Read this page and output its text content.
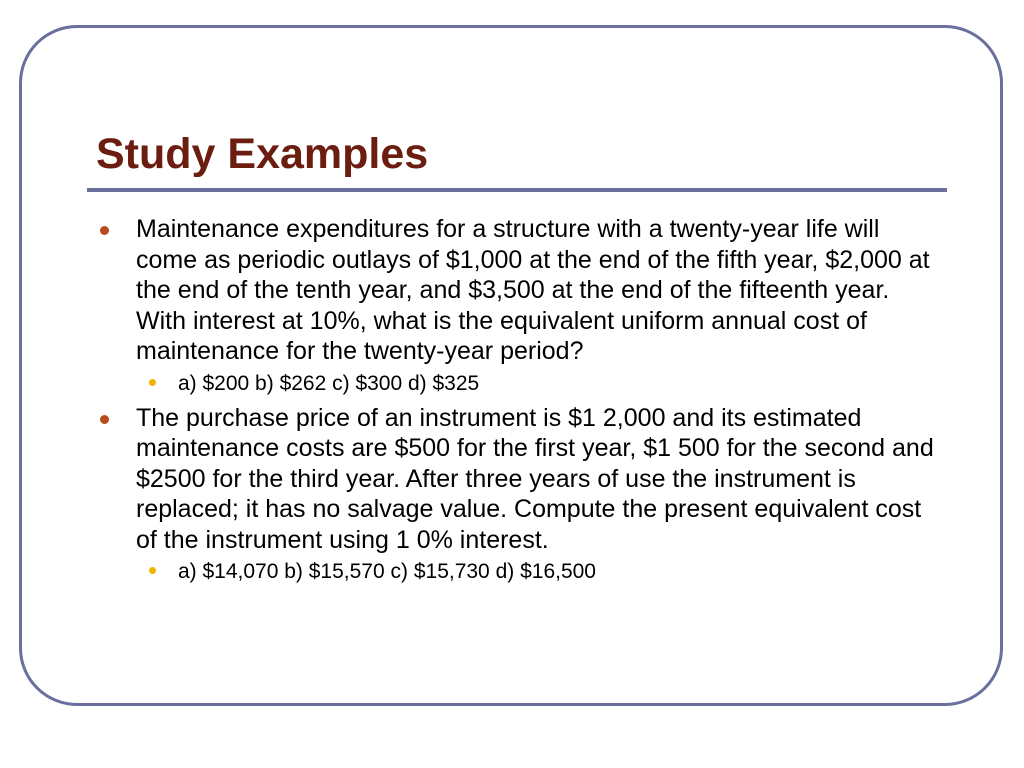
Study Examples
Maintenance expenditures for a structure with a twenty-year life will come as periodic outlays of $1,000 at the end of the fifth year, $2,000 at the end of the tenth year, and $3,500 at the end of the fifteenth year. With interest at 10%, what is the equivalent uniform annual cost of maintenance for the twenty-year period?
a) $200 b) $262 c) $300 d) $325
The purchase price of an instrument is $1 2,000 and its estimated maintenance costs are $500 for the first year, $1 500 for the second and $2500 for the third year. After three years of use the instrument is replaced; it has no salvage value. Compute the present equivalent cost of the instrument using 1 0% interest.
a) $14,070 b) $15,570 c) $15,730 d) $16,500
